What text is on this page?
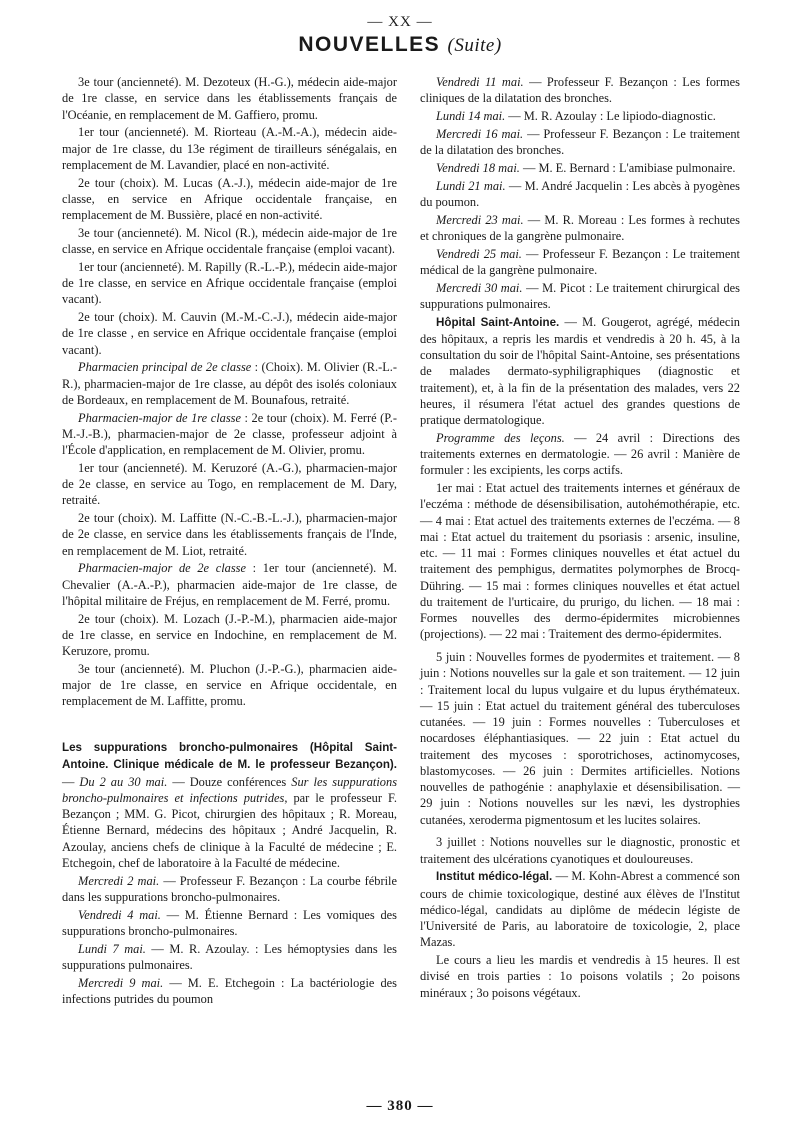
— XX —
NOUVELLES (Suite)

3e tour (ancienneté). M. Dezoteux (H.-G.), médecin aide-major de 1re classe, en service dans les établissements français de l'Océanie, en remplacement de M. Gaffiero, promu.

1er tour (ancienneté). M. Riorteau (A.-M.-A.), médecin aide-major de 1re classe, du 13e régiment de tirailleurs sénégalais, en remplacement de M. Lavandier, placé en non-activité.

2e tour (choix). M. Lucas (A.-J.), médecin aide-major de 1re classe, en service en Afrique occidentale française, en remplacement de M. Bussière, placé en non-activité.

3e tour (ancienneté). M. Nicol (R.), médecin aide-major de 1re classe, en service en Afrique occidentale française (emploi vacant).

1er tour (ancienneté). M. Rapilly (R.-L.-P.), médecin aide-major de 1re classe, en service en Afrique occidentale française (emploi vacant).

2e tour (choix). M. Cauvin (M.-M.-C.-J.), médecin aide-major de 1re classe , en service en Afrique occidentale française (emploi vacant).

Pharmacien principal de 2e classe : (Choix). M. Olivier (R.-L.-R.), pharmacien-major de 1re classe, au dépôt des isolés coloniaux de Bordeaux, en remplacement de M. Bounafous, retraité.

Pharmacien-major de 1re classe : 2e tour (choix). M. Ferré (P.-M.-J.-B.), pharmacien-major de 2e classe, professeur adjoint à l'École d'application, en remplacement de M. Olivier, promu.

1er tour (ancienneté). M. Keruzoré (A.-G.), pharmacien-major de 2e classe, en service au Togo, en remplacement de M. Dary, retraité.

2e tour (choix). M. Laffitte (N.-C.-B.-L.-J.), pharmacien-major de 2e classe, en service dans les établissements français de l'Inde, en remplacement de M. Liot, retraité.

Pharmacien-major de 2e classe : 1er tour (ancienneté). M. Chevalier (A.-A.-P.), pharmacien aide-major de 1re classe, de l'hôpital militaire de Fréjus, en remplacement de M. Ferré, promu.

2e tour (choix). M. Lozach (J.-P.-M.), pharmacien aide-major de 1re classe, en service en Indochine, en remplacement de M. Keruzore, promu.

3e tour (ancienneté). M. Pluchon (J.-P.-G.), pharmacien aide-major de 1re classe, en service en Afrique occidentale, en remplacement de M. Laffitte, promu.

Les suppurations broncho-pulmonaires (Hôpital Saint-Antoine. Clinique médicale de M. le professeur Bezançon). — Du 2 au 30 mai. — Douze conférences Sur les suppurations broncho-pulmonaires et infections putrides, par le professeur F. Bezançon ; MM. G. Picot, chirurgien des hôpitaux ; R. Moreau, Étienne Bernard, médecins des hôpitaux ; André Jacquelin, R. Azoulay, anciens chefs de clinique à la Faculté de médecine ; E. Etchegoin, chef de laboratoire à la Faculté de médecine.

Mercredi 2 mai. — Professeur F. Bezançon : La courbe fébrile dans les suppurations broncho-pulmonaires.

Vendredi 4 mai. — M. Étienne Bernard : Les vomiques des suppurations broncho-pulmonaires.

Lundi 7 mai. — M. R. Azoulay. : Les hémoptysies dans les suppurations pulmonaires.

Mercredi 9 mai. — M. E. Etchegoin : La bactériologie des infections putrides du poumon

Vendredi 11 mai. — Professeur F. Bezançon : Les formes cliniques de la dilatation des bronches.

Lundi 14 mai. — M. R. Azoulay : Le lipiodo-diagnostic.

Mercredi 16 mai. — Professeur F. Bezançon : Le traitement de la dilatation des bronches.

Vendredi 18 mai. — M. E. Bernard : L'amibiase pulmonaire.

Lundi 21 mai. — M. André Jacquelin : Les abcès à pyogènes du poumon.

Mercredi 23 mai. — M. R. Moreau : Les formes à rechutes et chroniques de la gangrène pulmonaire.

Vendredi 25 mai. — Professeur F. Bezançon : Le traitement médical de la gangrène pulmonaire.

Mercredi 30 mai. — M. Picot : Le traitement chirurgical des suppurations pulmonaires.

Hôpital Saint-Antoine. — M. Gougerot, agrégé, médecin des hôpitaux, a repris les mardis et vendredis à 20 h. 45, à la consultation du soir de l'hôpital Saint-Antoine, ses présentations de malades dermato-syphiligraphiques (diagnostic et traitement), et, à la fin de la présentation des malades, vers 22 heures, il résumera l'état actuel des grandes questions de pratique dermatologique.

Programme des leçons. — 24 avril : Directions des traitements externes en dermatologie. — 26 avril : Manière de formuler : les excipients, les corps actifs.

1er mai : Etat actuel des traitements internes et généraux de l'eczéma : méthode de désensibilisation, autohémothérapie, etc. — 4 mai : Etat actuel des traitements externes de l'eczéma. — 8 mai : Etat actuel du traitement du psoriasis : arsenic, insuline, etc. — 11 mai : Formes cliniques nouvelles et état actuel du traitement des pemphigus, dermatites polymorphes de Brocq-Dühring. — 15 mai : formes cliniques nouvelles et état actuel du traitement de l'urticaire, du prurigo, du lichen. — 18 mai : Formes nouvelles des dermo-épidermites microbiennes (projections). — 22 mai : Traitement des dermo-épidermites.

5 juin : Nouvelles formes de pyodermites et traitement. — 8 juin : Notions nouvelles sur la gale et son traitement. — 12 juin : Traitement local du lupus vulgaire et du lupus érythémateux. — 15 juin : Etat actuel du traitement général des tuberculoses cutanées. — 19 juin : Formes nouvelles : Tuberculoses et nocardoses éléphantiasiques. — 22 juin : Etat actuel du traitement des mycoses : sporotrichoses, actinomycoses, blastomycoses. — 26 juin : Dermites artificielles. Notions nouvelles de pathogénie : anaphylaxie et désensibilisation. — 29 juin : Notions nouvelles sur les nævi, les dystrophies cutanées, xeroderma pigmentosum et les lucites solaires.

3 juillet : Notions nouvelles sur le diagnostic, pronostic et traitement des ulcérations cyanotiques et douloureuses.

Institut médico-légal. — M. Kohn-Abrest a commencé son cours de chimie toxicologique, destiné aux élèves de l'Institut médico-légal, candidats au diplôme de médecin légiste de l'Université de Paris, au laboratoire de toxicologie, 2, place Mazas.

Le cours a lieu les mardis et vendredis à 15 heures. Il est divisé en trois parties : 1o poisons volatils ; 2o poisons minéraux ; 3o poisons végétaux.

— 380 —
